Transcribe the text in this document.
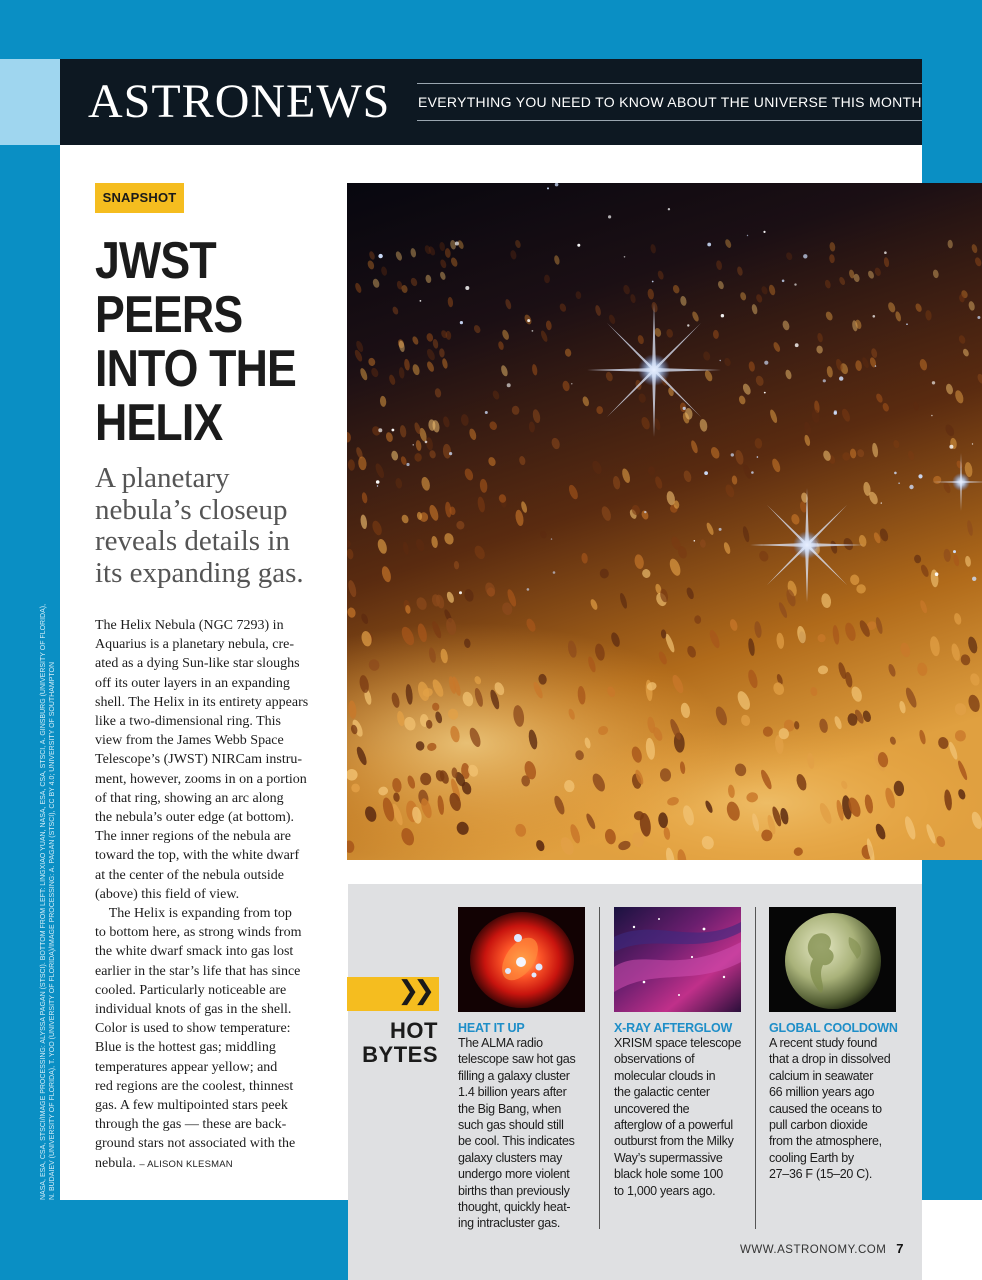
ASTRONEWS EVERYTHING YOU NEED TO KNOW ABOUT THE UNIVERSE THIS MONTH
SNAPSHOT
JWST
PEERS
INTO THE
HELIX
A planetary
nebula’s closeup
reveals details in
its expanding gas.
The Helix Nebula (NGC 7293) in
Aquarius is a planetary nebula, cre-
ated as a dying Sun-like star sloughs
off its outer layers in an expanding
shell. The Helix in its entirety appears
like a two-dimensional ring. This
view from the James Webb Space
Telescope’s (JWST) NIRCam instru-
ment, however, zooms in on a portion
of that ring, showing an arc along
the nebula’s outer edge (at bottom).
The inner regions of the nebula are
toward the top, with the white dwarf
at the center of the nebula outside
(above) this field of view.
The Helix is expanding from top
to bottom here, as strong winds from
the white dwarf smack into gas lost
earlier in the star’s life that has since
cooled. Particularly noticeable are
individual knots of gas in the shell.
Color is used to show temperature:
Blue is the hottest gas; middling
temperatures appear yellow; and
red regions are the coolest, thinnest
gas. A few multipointed stars peek
through the gas — these are back-
ground stars not associated with the
nebula. – ALISON KLESMAN
NASA, ESA, CSA, STSCI/IMAGE PROCESSING: ALYSSA PAGAN (STSCI). BOTTOM FROM LEFT: LINGXIAO YUAN, NASA, ESA, CSA, STSCI, A. GINSBURG (UNIVERSITY OF FLORIDA), N. BUDAIEV (UNIVERSITY OF FLORIDA), T. YOO (UNIVERSITY OF FLORIDA)/IMAGE PROCESSING: A. PAGAN (STSCI), CC BY 4.0; UNIVERSITY OF SOUTHAMPTON	❯❯
HOT
BYTES
HEAT IT UP
The ALMA radio
telescope saw hot gas
filling a galaxy cluster
1.4 billion years after
the Big Bang, when
such gas should still
be cool. This indicates
galaxy clusters may
undergo more violent
births than previously
thought, quickly heat-
ing intracluster gas.
X-RAY AFTERGLOW
XRISM space telescope
observations of
molecular clouds in
the galactic center
uncovered the
afterglow of a powerful
outburst from the Milky
Way’s supermassive
black hole some 100
to 1,000 years ago.
GLOBAL COOLDOWN
A recent study found
that a drop in dissolved
calcium in seawater
66 million years ago
caused the oceans to
pull carbon dioxide
from the atmosphere,
cooling Earth by
27–36 F (15–20 C).
WWW.ASTRONOMY.COM 7
